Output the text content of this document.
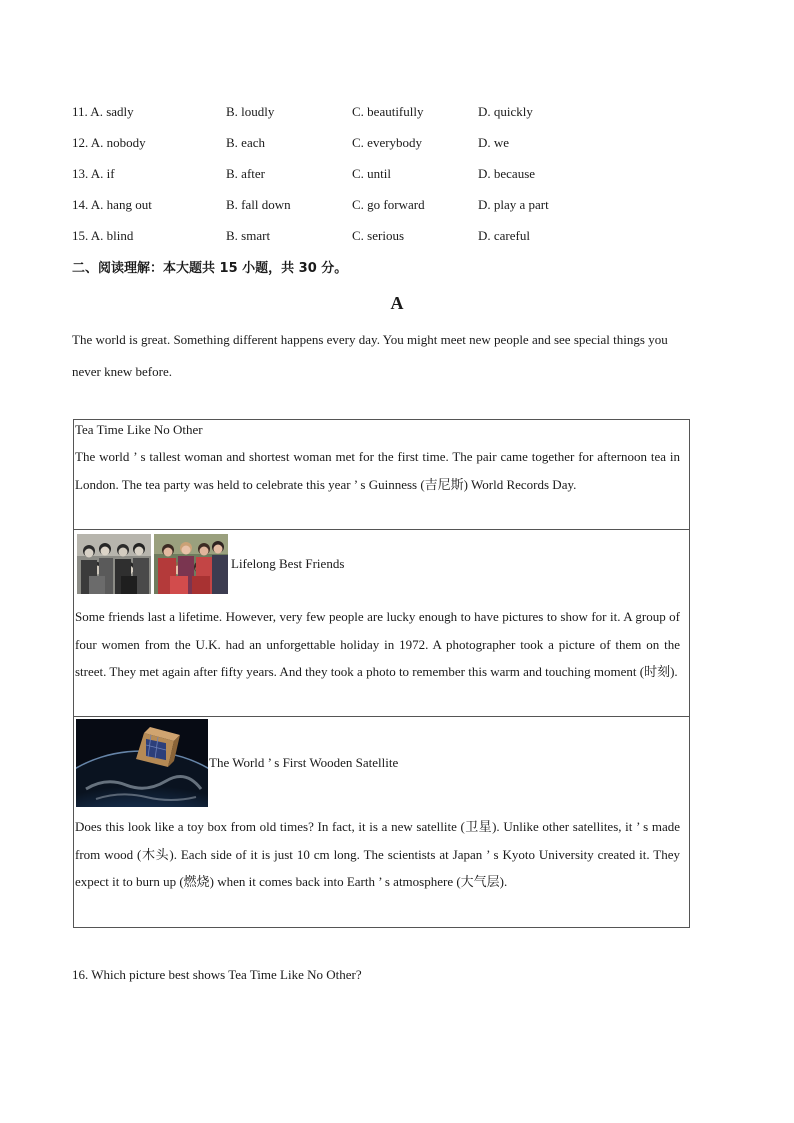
11. A. sadly	B. loudly	C. beautifully	D. quickly
12. A. nobody	B. each	C. everybody	D. we
13. A. if	B. after	C. until	D. because
14. A. hang out	B. fall down	C. go forward	D. play a part
15. A. blind	B. smart	C. serious	D. careful
二、阅读理解：本大题共 15 小题，共 30 分。
A
The world is great. Something different happens every day. You might meet new people and see special things you
never knew before.
Tea Time Like No Other
The world ’ s tallest woman and shortest woman met for the first time. The pair came together for afternoon tea in London. The tea party was held to celebrate this year ’ s Guinness (吉尼斯) World Records Day.
Lifelong Best Friends
Some friends last a lifetime. However, very few people are lucky enough to have pictures to show for it. A group of four women from the U.K. had an unforgettable holiday in 1972. A photographer took a picture of them on the street. They met again after fifty years. And they took a photo to remember this warm and touching moment (时刻).
The World ’ s First Wooden Satellite
Does this look like a toy box from old times? In fact, it is a new satellite (卫星). Unlike other satellites, it ’ s made from wood (木头). Each side of it is just 10 cm long. The scientists at Japan ’ s Kyoto University created it. They expect it to burn up (燃烧) when it comes back into Earth ’ s atmosphere (大气层).
16. Which picture best shows Tea Time Like No Other?
